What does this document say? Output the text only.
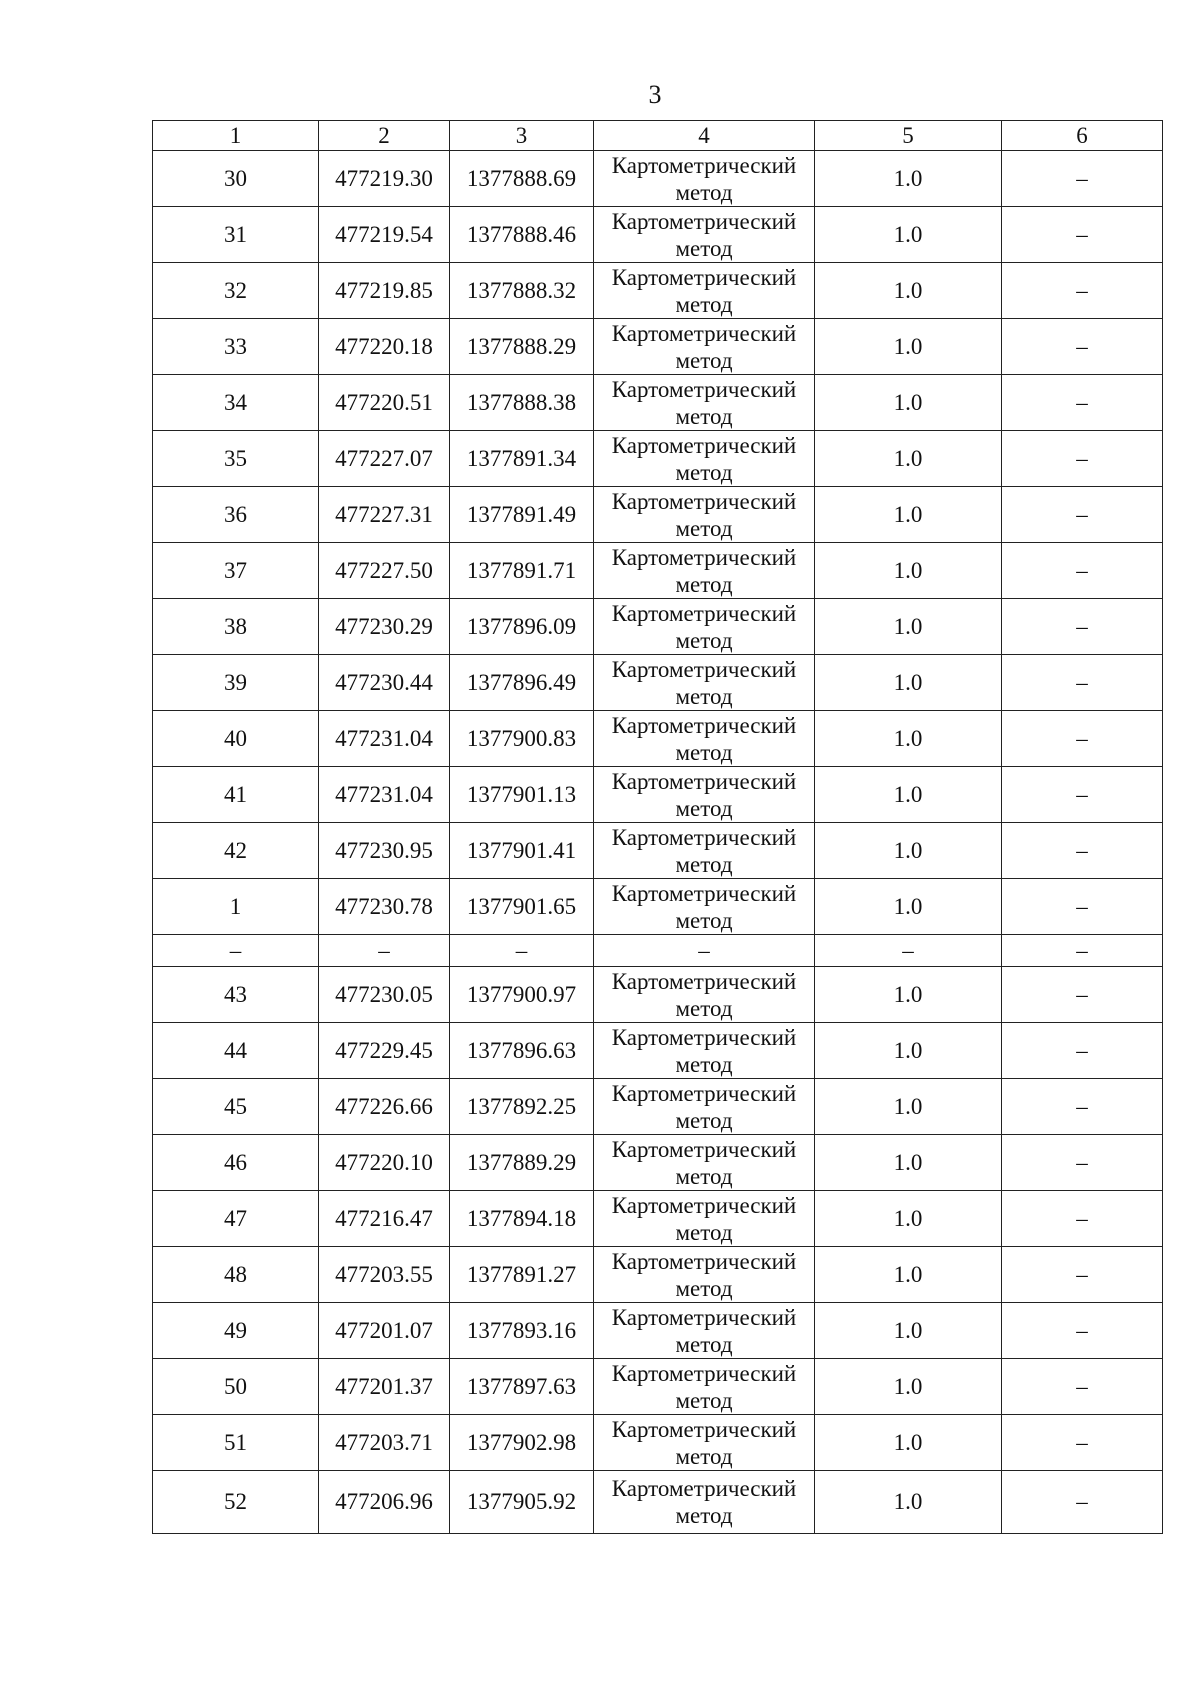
3
1	2	3	4	5	6
30	477219.30	1377888.69	Картометрический метод	1.0	–
31	477219.54	1377888.46	Картометрический метод	1.0	–
32	477219.85	1377888.32	Картометрический метод	1.0	–
33	477220.18	1377888.29	Картометрический метод	1.0	–
34	477220.51	1377888.38	Картометрический метод	1.0	–
35	477227.07	1377891.34	Картометрический метод	1.0	–
36	477227.31	1377891.49	Картометрический метод	1.0	–
37	477227.50	1377891.71	Картометрический метод	1.0	–
38	477230.29	1377896.09	Картометрический метод	1.0	–
39	477230.44	1377896.49	Картометрический метод	1.0	–
40	477231.04	1377900.83	Картометрический метод	1.0	–
41	477231.04	1377901.13	Картометрический метод	1.0	–
42	477230.95	1377901.41	Картометрический метод	1.0	–
1	477230.78	1377901.65	Картометрический метод	1.0	–
–	–	–	–	–	–
43	477230.05	1377900.97	Картометрический метод	1.0	–
44	477229.45	1377896.63	Картометрический метод	1.0	–
45	477226.66	1377892.25	Картометрический метод	1.0	–
46	477220.10	1377889.29	Картометрический метод	1.0	–
47	477216.47	1377894.18	Картометрический метод	1.0	–
48	477203.55	1377891.27	Картометрический метод	1.0	–
49	477201.07	1377893.16	Картометрический метод	1.0	–
50	477201.37	1377897.63	Картометрический метод	1.0	–
51	477203.71	1377902.98	Картометрический метод	1.0	–
52	477206.96	1377905.92	Картометрический метод	1.0	–
